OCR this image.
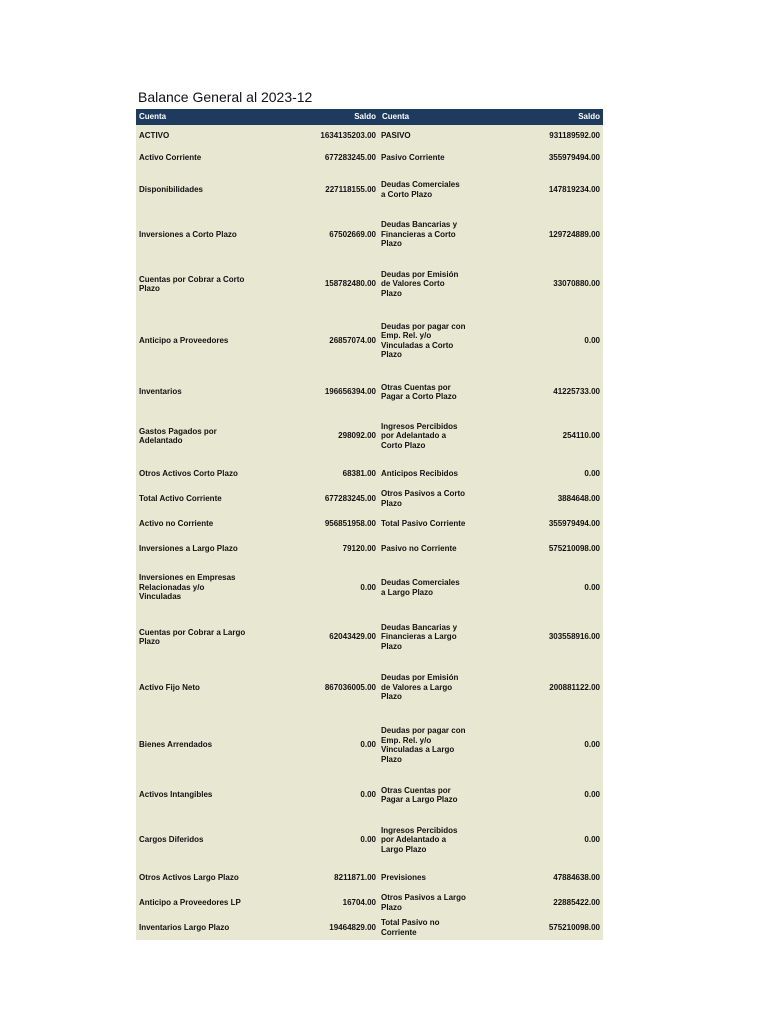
Balance General al 2023-12
Cuenta	Saldo	Cuenta	Saldo
ACTIVO	1634135203.00	PASIVO	931189592.00
Activo Corriente	677283245.00	Pasivo Corriente	355979494.00
Disponibilidades	227118155.00	Deudas Comerciales a Corto Plazo	147819234.00
Inversiones a Corto Plazo	67502669.00	Deudas Bancarias y Financieras a Corto Plazo	129724889.00
Cuentas por Cobrar a Corto Plazo	158782480.00	Deudas por Emisión de Valores Corto Plazo	33070880.00
Anticipo a Proveedores	26857074.00	Deudas por pagar con Emp. Rel. y/o Vinculadas a Corto Plazo	0.00
Inventarios	196656394.00	Otras Cuentas por Pagar a Corto Plazo	41225733.00
Gastos Pagados por Adelantado	298092.00	Ingresos Percibidos por Adelantado a Corto Plazo	254110.00
Otros Activos Corto Plazo	68381.00	Anticipos Recibidos	0.00
Total Activo Corriente	677283245.00	Otros Pasivos a Corto Plazo	3884648.00
Activo no Corriente	956851958.00	Total Pasivo Corriente	355979494.00
Inversiones a Largo Plazo	79120.00	Pasivo no Corriente	575210098.00
Inversiones en Empresas Relacionadas y/o Vinculadas	0.00	Deudas Comerciales a Largo Plazo	0.00
Cuentas por Cobrar a Largo Plazo	62043429.00	Deudas Bancarias y Financieras a Largo Plazo	303558916.00
Activo Fijo Neto	867036005.00	Deudas por Emisión de Valores a Largo Plazo	200881122.00
Bienes Arrendados	0.00	Deudas por pagar con Emp. Rel. y/o Vinculadas a Largo Plazo	0.00
Activos Intangibles	0.00	Otras Cuentas por Pagar a Largo Plazo	0.00
Cargos Diferidos	0.00	Ingresos Percibidos por Adelantado a Largo Plazo	0.00
Otros Activos Largo Plazo	8211871.00	Previsiones	47884638.00
Anticipo a Proveedores LP	16704.00	Otros Pasivos a Largo Plazo	22885422.00
Inventarios Largo Plazo	19464829.00	Total Pasivo no Corriente	575210098.00
